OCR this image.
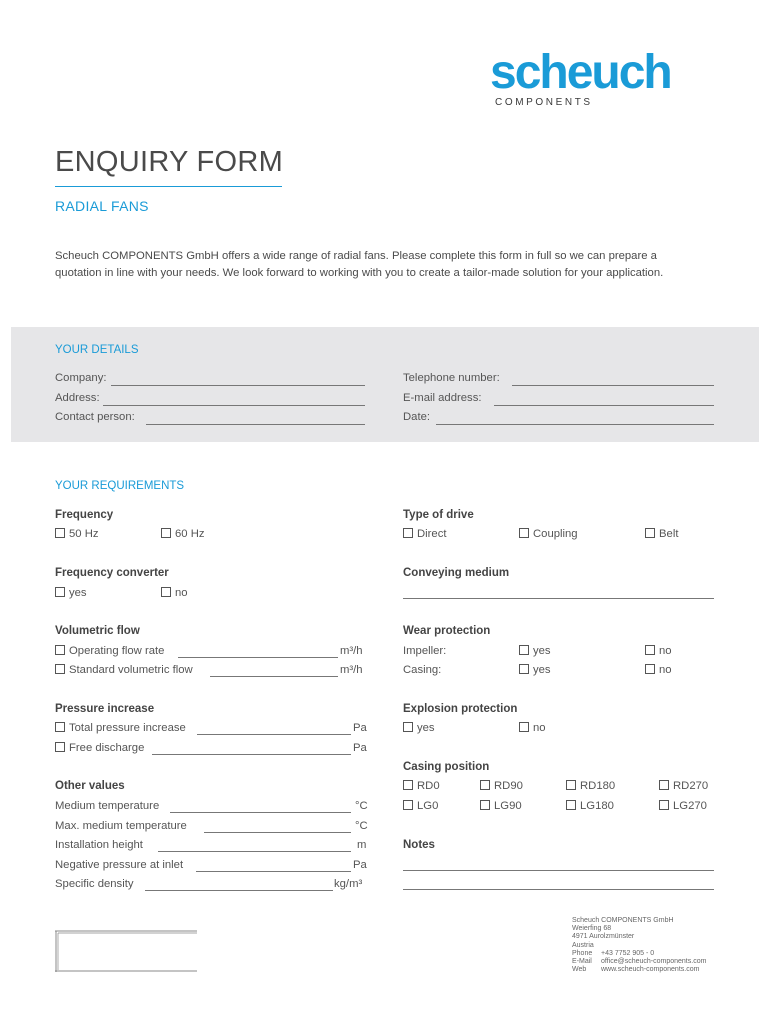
scheuch
COMPONENTS
ENQUIRY FORM
RADIAL FANS
Scheuch COMPONENTS GmbH offers a wide range of radial fans. Please complete this form in full so we can prepare a quotation in line with your needs. We look forward to working with you to create a tailor-made solution for your application.
YOUR DETAILS
Company:
Address:
Contact person:
Telephone number:
E-mail address:
Date:
YOUR REQUIREMENTS
Frequency
50 Hz	60 Hz
Type of drive
Direct	Coupling	Belt
Frequency converter
yes	no
Conveying medium
Volumetric flow
Operating flow rate	m³/h
Standard volumetric flow	m³/h
Wear protection
Impeller:	yes	no
Casing:	yes	no
Pressure increase
Total pressure increase	Pa
Free discharge	Pa
Explosion protection
yes	no
Casing position
RD0	RD90	RD180	RD270
LG0	LG90	LG180	LG270
Other values
Medium temperature	°C
Max. medium temperature	°C
Installation height	m
Negative pressure at inlet	Pa
Specific density	kg/m³
Notes
Scheuch COMPONENTS GmbH
Weierfing 68
4971 Aurolzmünster
Austria
Phone +43 7752 905 - 0
E-Mail office@scheuch-components.com
Web www.scheuch-components.com
